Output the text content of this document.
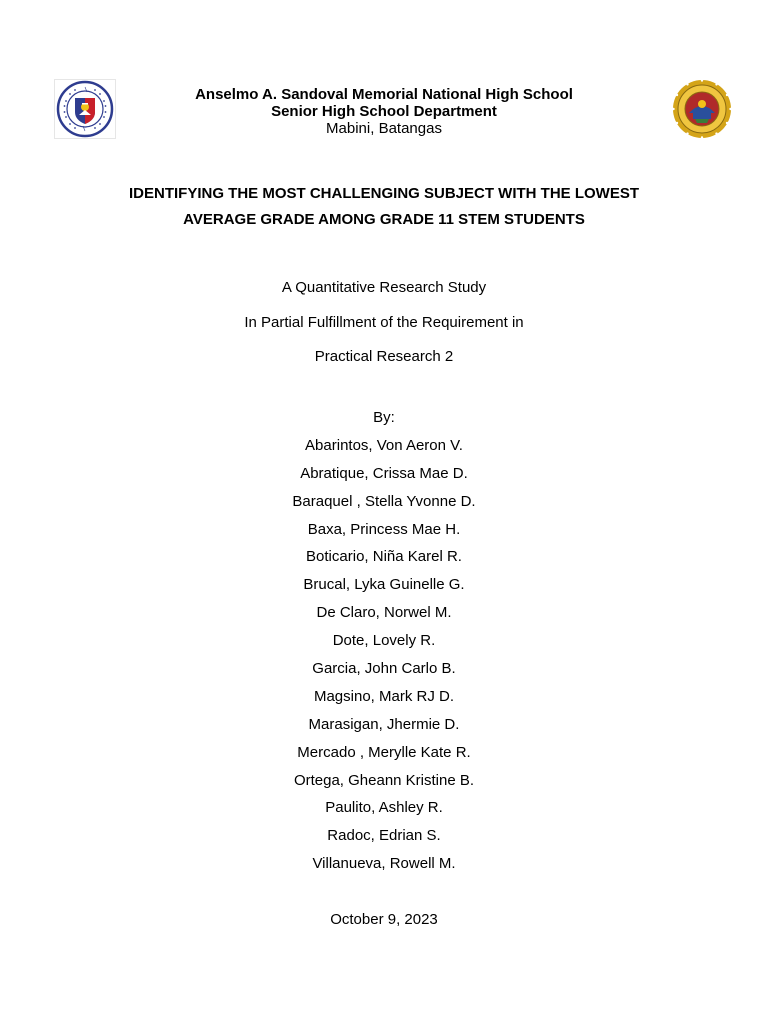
Anselmo A. Sandoval Memorial National High School
Senior High School Department
Mabini, Batangas
IDENTIFYING THE MOST CHALLENGING SUBJECT WITH THE LOWEST
AVERAGE GRADE AMONG GRADE 11 STEM STUDENTS
A Quantitative Research Study
In Partial Fulfillment of the Requirement in
Practical Research 2
By:
Abarintos, Von Aeron V.
Abratique, Crissa Mae D.
Baraquel , Stella Yvonne D.
Baxa, Princess Mae H.
Boticario, Niña Karel R.
Brucal, Lyka Guinelle G.
De Claro, Norwel M.
Dote, Lovely R.
Garcia, John Carlo B.
Magsino, Mark RJ D.
Marasigan, Jhermie D.
Mercado , Merylle Kate R.
Ortega, Gheann Kristine B.
Paulito, Ashley R.
Radoc, Edrian S.
Villanueva, Rowell M.
October 9, 2023
